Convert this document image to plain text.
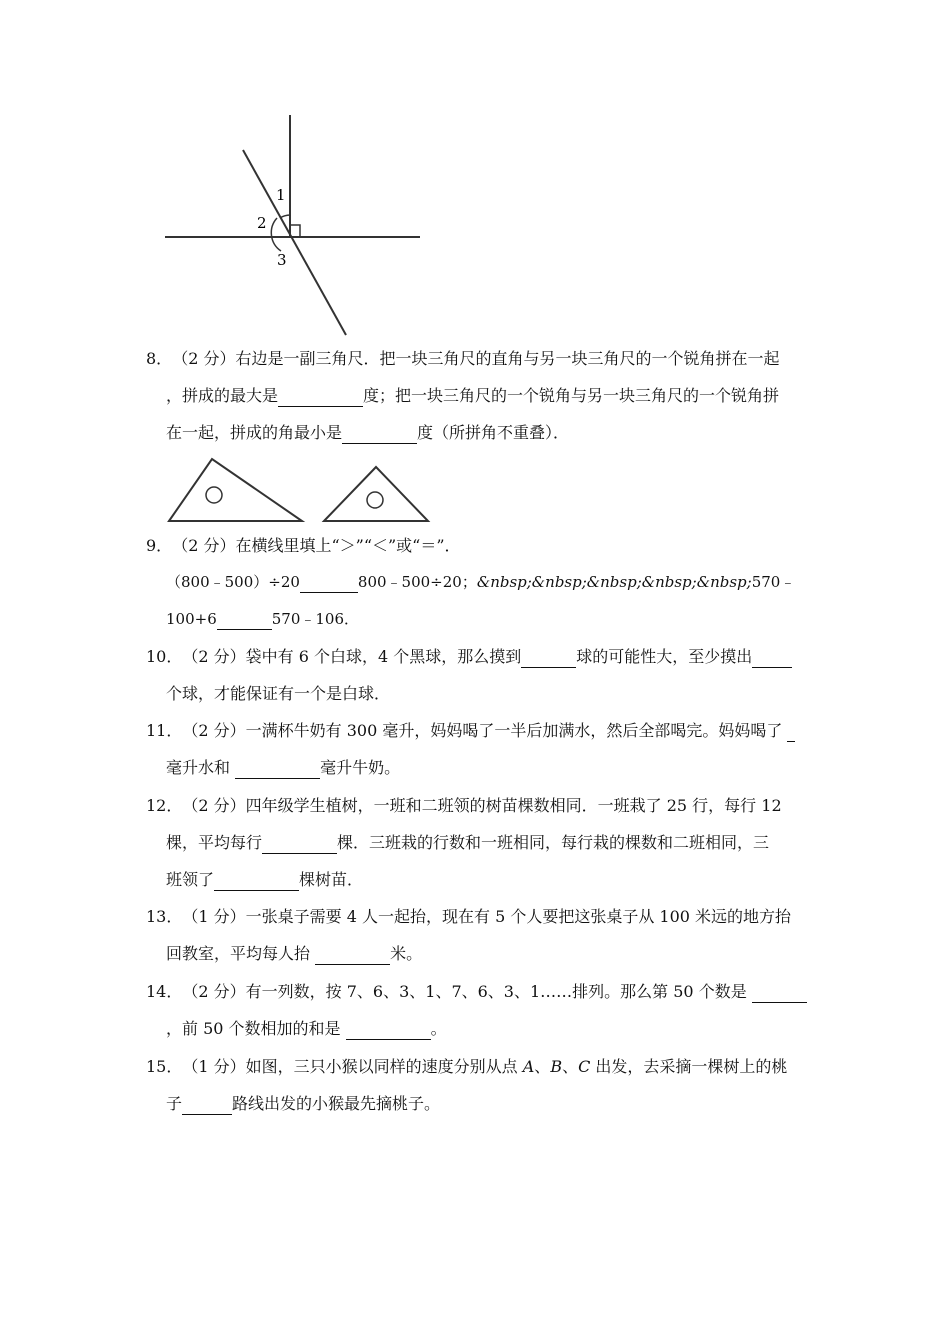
1
2
3
8．（2 分）右边是一副三角尺．把一块三角尺的直角与另一块三角尺的一个锐角拼在一起
，拼成的最大是	度；把一块三角尺的一个锐角与另一块三角尺的一个锐角拼
在一起，拼成的角最小是	度（所拼角不重叠）．
9．（2 分）在横线里填上“＞”“＜”或“＝”．
（800﹣500）÷20	800﹣500÷20；&nbsp;&nbsp;&nbsp;&nbsp;&nbsp;570﹣
100+6	570﹣106．
10．（2 分）袋中有 6 个白球，4 个黑球，那么摸到	球的可能性大，至少摸出
个球，才能保证有一个是白球．
11．（2 分）一满杯牛奶有 300 毫升，妈妈喝了一半后加满水，然后全部喝完。妈妈喝了
毫升水和	毫升牛奶。
12．（2 分）四年级学生植树，一班和二班领的树苗棵数相同．一班栽了 25 行，每行 12
棵，平均每行	棵．三班栽的行数和一班相同，每行栽的棵数和二班相同，三
班领了	棵树苗．
13．（1 分）一张桌子需要 4 人一起抬，现在有 5 个人要把这张桌子从 100 米远的地方抬
回教室，平均每人抬	米。
14．（2 分）有一列数，按 7、6、3、1、7、6、3、1……排列。那么第 50 个数是
，前 50 个数相加的和是	。
15．（1 分）如图，三只小猴以同样的速度分别从点 A、B、C 出发，去采摘一棵树上的桃
子	路线出发的小猴最先摘桃子。
